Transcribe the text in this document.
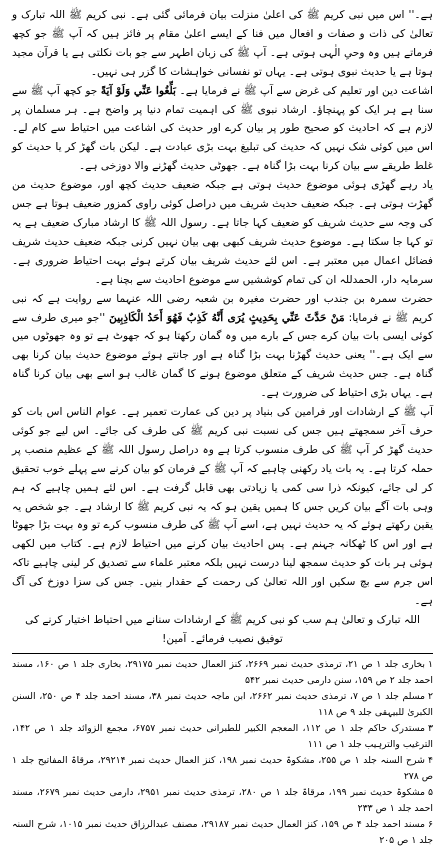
ہے۔'' اس میں نبی کریم ﷺ کی اعلیٰ منزلت بیان فرمائی گئی ہے۔ نبی کریم ﷺ اللہ تبارک و تعالیٰ کی ذات و صفات و افعال میں فنا کے ایسے اعلیٰ مقام پر فائز ہیں کہ آپ ﷺ جو کچھ فرماتے ہیں وہ وحیِ الٰہی ہوتی ہے۔ آپ ﷺ کی زبان اطہر سے جو بات نکلتی ہے یا قرآن مجید ہوتا ہے یا حدیث نبوی ہوتی ہے۔ یہاں تو نفسانی خواہشات کا گزر ہی نہیں۔

اشاعت دین اور تعلیم کی غرض سے آپ ﷺ نے فرمایا ہے۔ بَلِّغُوا عَنِّي وَلَوْ آيَةً جو کچھ آپ ﷺ سے سنا ہے ہر ایک کو پہنچاؤ۔ ارشاد نبوی ﷺ کی اہمیت تمام دنیا پر واضح ہے۔ ہر مسلمان پر لازم ہے کہ احادیث کو صحیح طور پر بیان کرے اور حدیث کی اشاعت میں احتیاط سے کام لے۔ اس میں کوئی شک نہیں کہ حدیث کی تبلیغ بہت بڑی عبادت ہے۔ لیکن بات گھڑ کر یا حدیث کو غلط طریقے سے بیان کرنا بہت بڑا گناہ ہے۔ جھوٹی حدیث گھڑنے والا دوزخی ہے۔

یاد رہے گھڑی ہوئی موضوع حدیث ہوتی ہے جبکہ ضعیف حدیث کچھ اور، موضوع حدیث من گھڑت ہوتی ہے۔ جبکہ ضعیف حدیث شریف میں دراصل کوئی راوی کمزور ضعیف ہوتا ہے جس کی وجہ سے حدیث شریف کو ضعیف کہا جاتا ہے۔ رسول اللہ ﷺ کا ارشاد مبارک ضعیف ہے یہ تو کہا جا سکتا ہے۔ موضوع حدیث شریف کبھی بھی بیان نہیں کرنی جبکہ ضعیف حدیث شریف فضائل اعمال میں معتبر ہے۔ اس لئے حدیث شریف بیان کرتے ہوئے بہت احتیاط ضروری ہے۔ سرمایہ دار، الحمدللہ ان کی تمام کوششیں سے موضوع احادیث سے بچنا ہے۔

حضرت سمرہ بن جندب اور حضرت مغیرہ بن شعبہ رضی اللہ عنہما سے روایت ہے کہ نبی کریم ﷺ نے فرمایا: مَنْ حَدَّثَ عَنِّي بِحَدِيثٍ يُرَى أَنَّهُ كَذِبٌ فَهُوَ أَحَدُ الْكَاذِبِينَ ''جو میری طرف سے کوئی ایسی بات بیان کرے جس کے بارے میں وہ گمان رکھتا ہو کہ جھوٹ ہے تو وہ جھوٹوں میں سے ایک ہے۔'' یعنی حدیث گھڑنا بہت بڑا گناہ ہے اور جانتے ہوئے موضوع حدیث بیان کرنا بھی گناہ ہے۔ جس حدیث شریف کے متعلق موضوع ہونے کا گمان غالب ہو اسے بھی بیان کرنا گناہ ہے۔ یہاں بڑی احتیاط کی ضرورت ہے۔

آپ ﷺ کے ارشادات اور فرامین کی بنیاد پر دین کی عمارت تعمیر ہے۔ عوام الناس اس بات کو حرف آخر سمجھتے ہیں جس کی نسبت نبی کریم ﷺ کی طرف کی جائے۔ اس لیے جو کوئی حدیث گھڑ کر آپ ﷺ کی طرف منسوب کرتا ہے وہ دراصل رسول اللہ ﷺ کے عظیم منصب پر حملہ کرتا ہے۔ یہ بات یاد رکھنی چاہیے کہ آپ ﷺ کے فرمان کو بیان کرنے سے پہلے خوب تحقیق کر لی جائے، کیونکہ ذرا سی کمی یا زیادتی بھی قابل گرفت ہے۔ اس لئے ہمیں چاہیے کہ ہم وہی بات آگے بیان کریں جس کا ہمیں یقین ہو کہ یہ نبی کریم ﷺ کا ارشاد ہے۔ جو شخص یہ یقین رکھتے ہوئے کہ یہ حدیث نہیں ہے، اسے آپ ﷺ کی طرف منسوب کرے تو وہ بہت بڑا جھوٹا ہے اور اس کا ٹھکانہ جہنم ہے۔ پس احادیث بیان کرنے میں احتیاط لازم ہے۔ کتاب میں لکھی ہوئی ہر بات کو حدیث سمجھ لینا درست نہیں بلکہ معتبر علماء سے تصدیق کر لینی چاہیے تاکہ اس جرم سے بچ سکیں اور اللہ تعالیٰ کی رحمت کے حقدار بنیں۔ جس کی سزا دوزخ کی آگ ہے۔

اللہ تبارک و تعالیٰ ہم سب کو نبی کریم ﷺ کے ارشادات سنانے میں احتیاط اختیار کرنے کی توفیق نصیب فرمائے۔ آمین!

۱بخاری جلد ۱ ص ۲۱، ترمذی حدیث نمبر ۲۶۶۹، کنز العمال حدیث نمبر ۲۹۱۷۵، بخاری جلد ۱ ص ۱۶۰، مسند احمد جلد ۲ ص ۱۵۹، سنن دارمی حدیث نمبر ۵۴۲
۲مسلم جلد ۱ ص ۷، ترمذی حدیث نمبر ۲۶۶۲، ابن ماجہ حدیث نمبر ۳۸، مسند احمد جلد ۴ ص ۲۵۰، السنن الکبریٰ للبیہقی جلد ۹ ص ۱۱۸
۳مستدرک حاکم جلد ۱ ص ۱۱۲، المعجم الکبیر للطبرانی حدیث نمبر ۶۷۵۷، مجمع الزوائد جلد ۱ ص ۱۴۲، الترغیب والترہیب جلد ۱ ص ۱۱۱
۴شرح السنہ جلد ۱ ص ۲۵۵، مشکوۃ حدیث نمبر ۱۹۸، کنز العمال حدیث نمبر ۲۹۲۱۴، مرقاۃ المفاتیح جلد ۱ ص ۲۷۸
۵مشکوۃ حدیث نمبر ۱۹۹، مرقاۃ جلد ۱ ص ۲۸۰، ترمذی حدیث نمبر ۲۹۵۱، دارمی حدیث نمبر ۲۶۷۹، مسند احمد جلد ۱ ص ۲۳۳
۶مسند احمد جلد ۴ ص ۱۵۹، کنز العمال حدیث نمبر ۲۹۱۸۷، مصنف عبدالرزاق حدیث نمبر ۱۰۱۵، شرح السنہ جلد ۱ ص ۲۰۵
